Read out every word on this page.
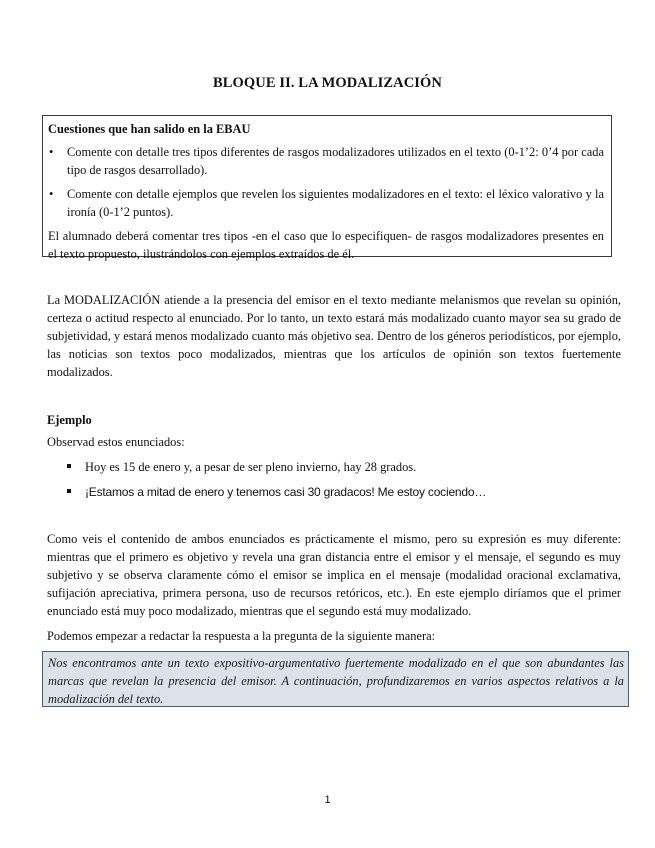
BLOQUE II. LA MODALIZACIÓN

Cuestiones que han salido en la EBAU

• Comente con detalle tres tipos diferentes de rasgos modalizadores utilizados en el texto (0-1’2: 0’4 por cada tipo de rasgos desarrollado).
• Comente con detalle ejemplos que revelen los siguientes modalizadores en el texto: el léxico valorativo y la ironía (0-1’2 puntos).

El alumnado deberá comentar tres tipos -en el caso que lo especifiquen- de rasgos modalizadores presentes en el texto propuesto, ilustrándolos con ejemplos extraídos de él.

La MODALIZACIÓN atiende a la presencia del emisor en el texto mediante melanismos que revelan su opinión, certeza o actitud respecto al enunciado. Por lo tanto, un texto estará más modalizado cuanto mayor sea su grado de subjetividad, y estará menos modalizado cuanto más objetivo sea. Dentro de los géneros periodísticos, por ejemplo, las noticias son textos poco modalizados, mientras que los artículos de opinión son textos fuertemente modalizados.

Ejemplo

Observad estos enunciados:

Hoy es 15 de enero y, a pesar de ser pleno invierno, hay 28 grados.
¡Estamos a mitad de enero y tenemos casi 30 gradacos! Me estoy cociendo…

Como veis el contenido de ambos enunciados es prácticamente el mismo, pero su expresión es muy diferente: mientras que el primero es objetivo y revela una gran distancia entre el emisor y el mensaje, el segundo es muy subjetivo y se observa claramente cómo el emisor se implica en el mensaje (modalidad oracional exclamativa, sufijación apreciativa, primera persona, uso de recursos retóricos, etc.). En este ejemplo diríamos que el primer enunciado está muy poco modalizado, mientras que el segundo está muy modalizado.

Podemos empezar a redactar la respuesta a la pregunta de la siguiente manera:

Nos encontramos ante un texto expositivo-argumentativo fuertemente modalizado en el que son abundantes las marcas que revelan la presencia del emisor. A continuación, profundizaremos en varios aspectos relativos a la modalización del texto.
1
